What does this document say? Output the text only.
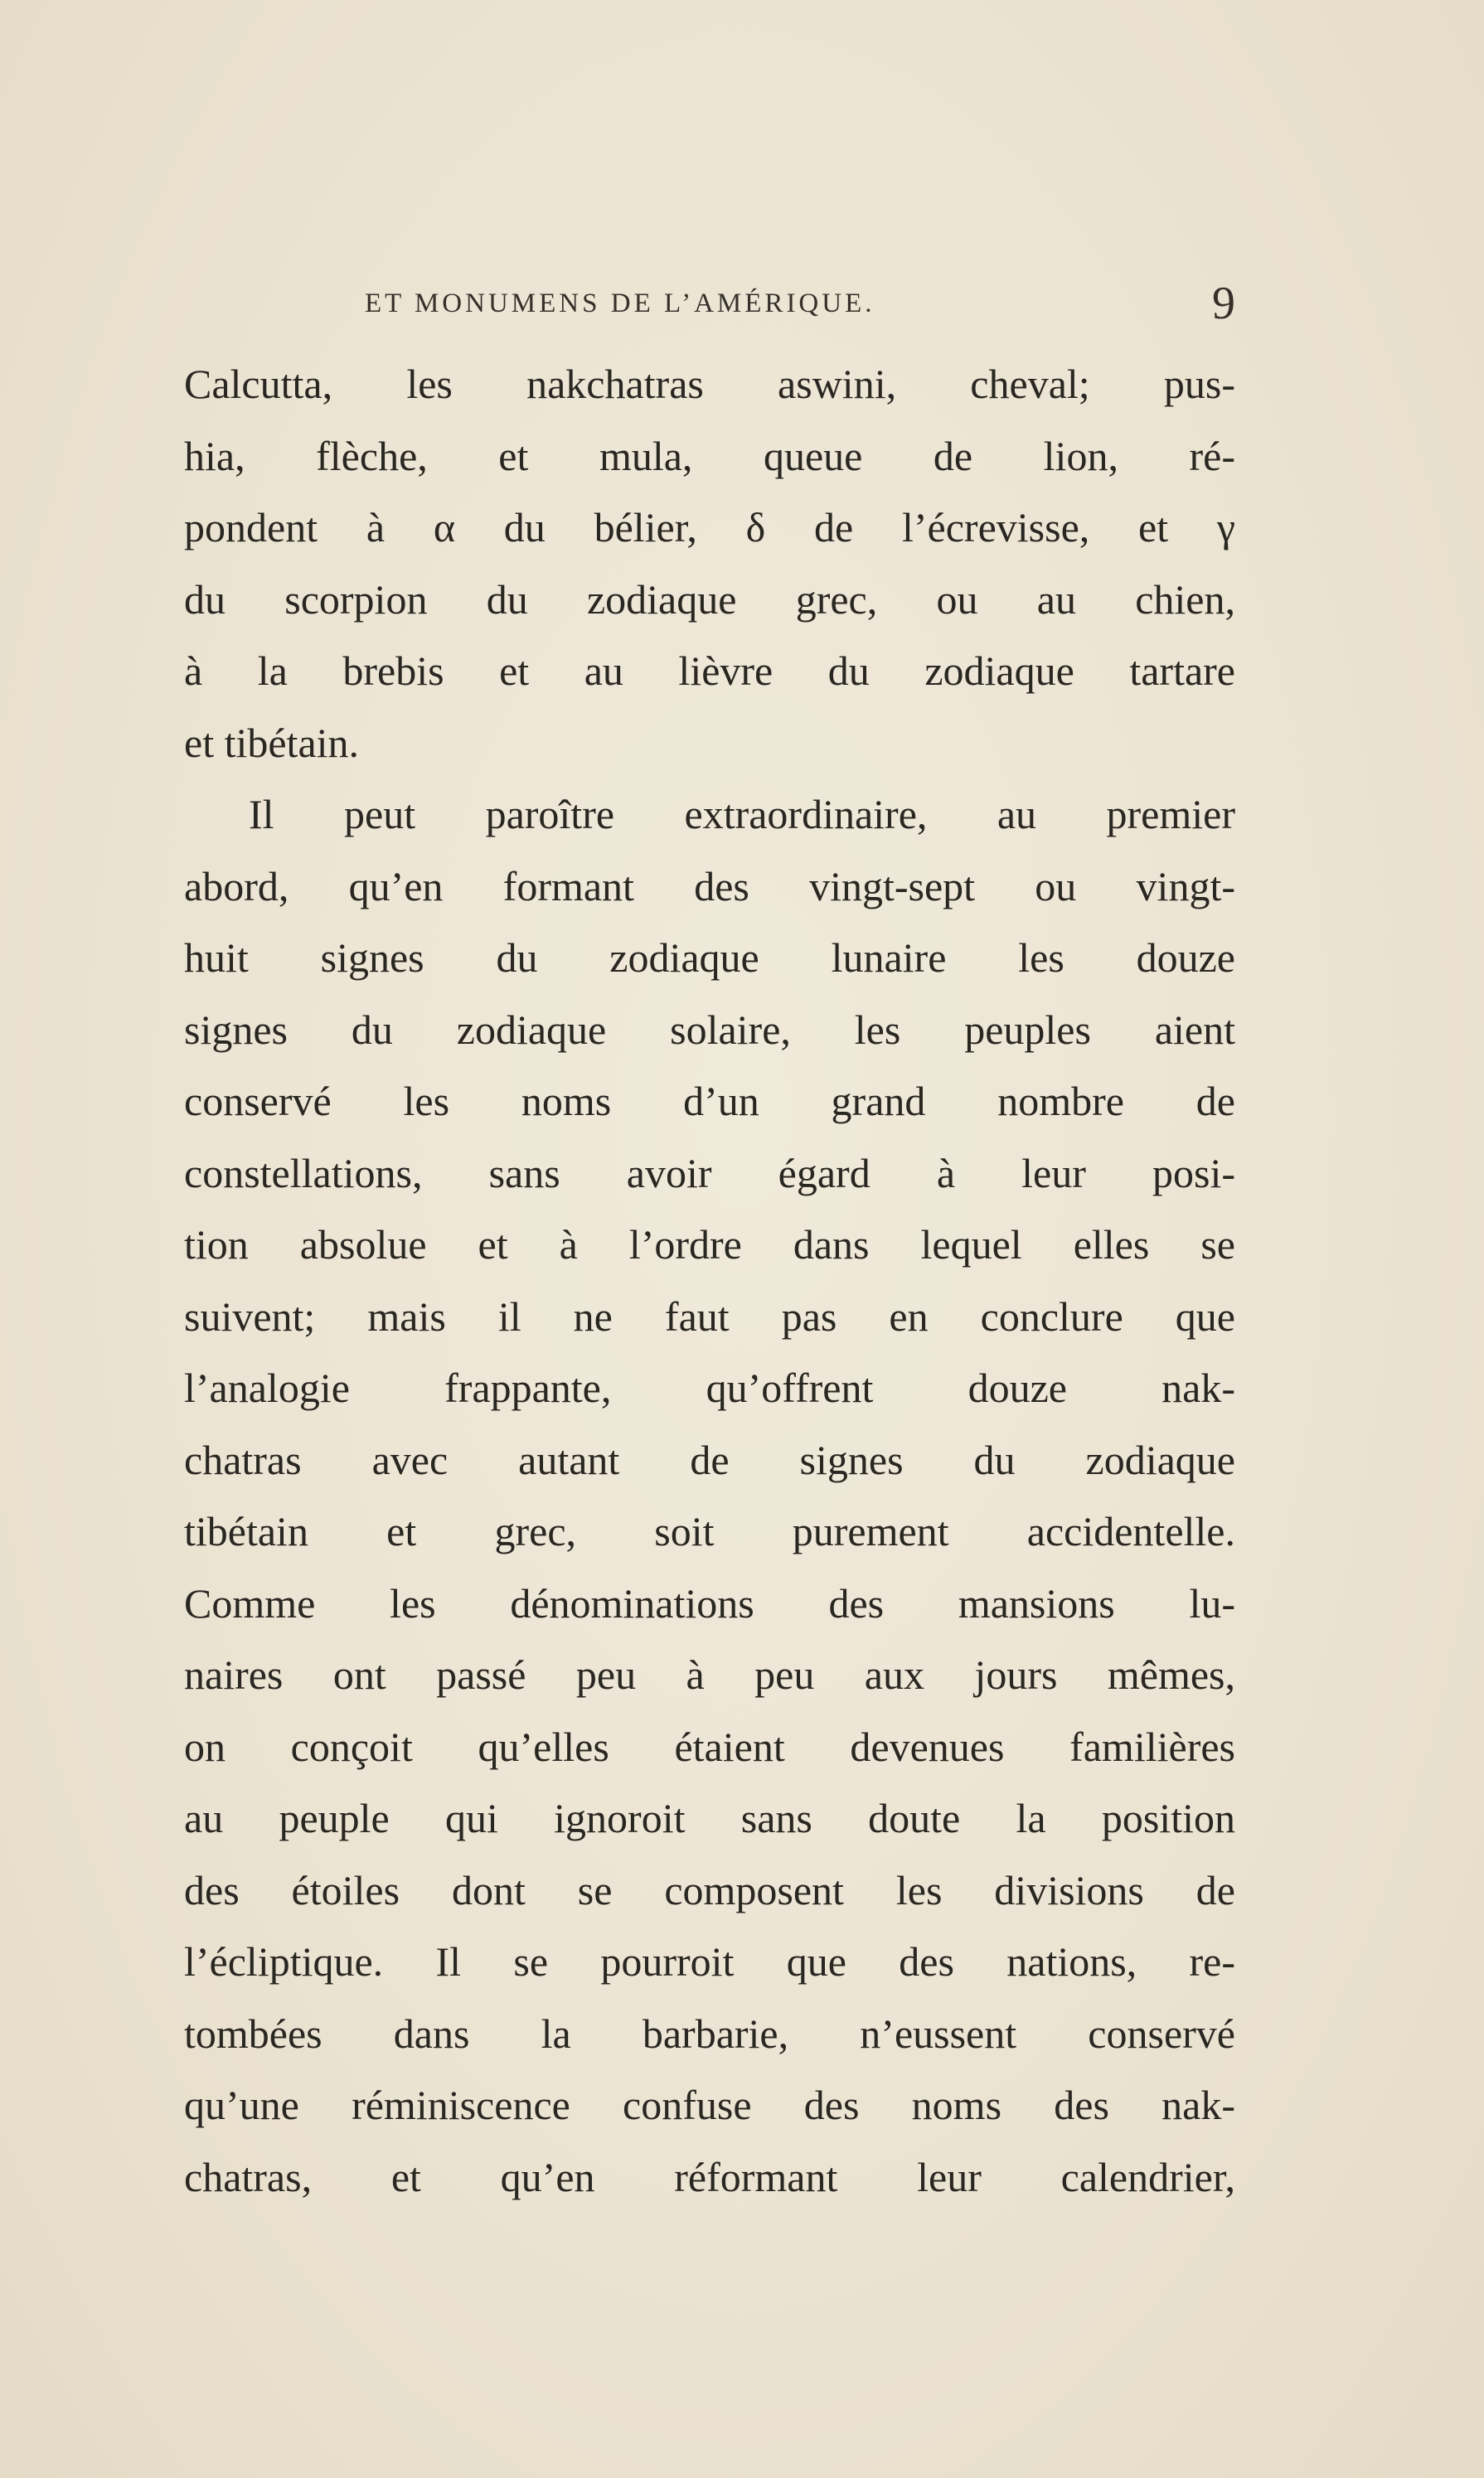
ET MONUMENS DE L’AMÉRIQUE.	9
Calcutta, les nakchatras aswini, cheval; pus-
hia, flèche, et mula, queue de lion, ré-
pondent à α du bélier, δ de l’écrevisse, et γ
du scorpion du zodiaque grec, ou au chien,
à la brebis et au lièvre du zodiaque tartare
et tibétain.
Il peut paroître extraordinaire, au premier
abord, qu’en formant des vingt-sept ou vingt-
huit signes du zodiaque lunaire les douze
signes du zodiaque solaire, les peuples aient
conservé les noms d’un grand nombre de
constellations, sans avoir égard à leur posi-
tion absolue et à l’ordre dans lequel elles se
suivent; mais il ne faut pas en conclure que
l’analogie frappante, qu’offrent douze nak-
chatras avec autant de signes du zodiaque
tibétain et grec, soit purement accidentelle.
Comme les dénominations des mansions lu-
naires ont passé peu à peu aux jours mêmes,
on conçoit qu’elles étaient devenues familières
au peuple qui ignoroit sans doute la position
des étoiles dont se composent les divisions de
l’écliptique. Il se pourroit que des nations, re-
tombées dans la barbarie, n’eussent conservé
qu’une réminiscence confuse des noms des nak-
chatras, et qu’en réformant leur calendrier,
